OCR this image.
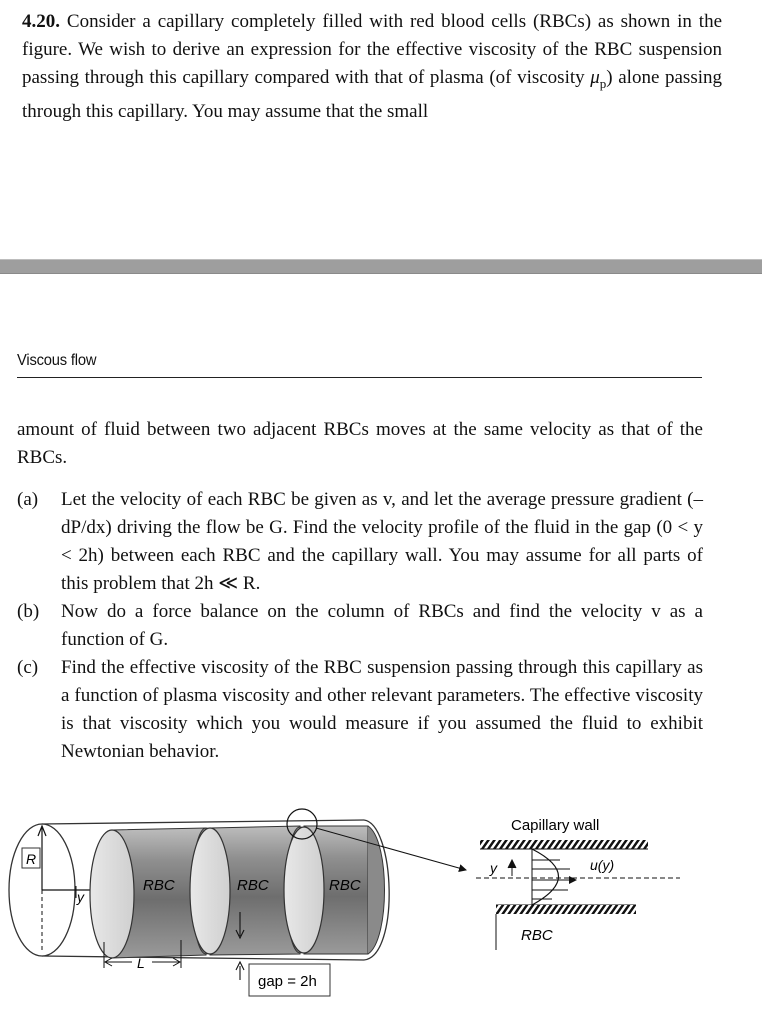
4.20. Consider a capillary completely filled with red blood cells (RBCs) as shown in the figure. We wish to derive an expression for the effective viscosity of the RBC suspension passing through this capillary compared with that of plasma (of viscosity $\mu_p$) alone passing through this capillary. You may assume that the small

Viscous flow

amount of fluid between two adjacent RBCs moves at the same velocity as that of the RBCs.

(a) Let the velocity of each RBC be given as v, and let the average pressure gradient (–dP/dx) driving the flow be G. Find the velocity profile of the fluid in the gap (0 < y < 2h) between each RBC and the capillary wall. You may assume for all parts of this problem that 2h ≪ R.
(b) Now do a force balance on the column of RBCs and find the velocity v as a function of G.
(c) Find the effective viscosity of the RBC suspension passing through this capillary as a function of plasma viscosity and other relevant parameters. The effective viscosity is that viscosity which you would measure if you assumed the fluid to exhibit Newtonian behavior.
R
y
RBC	RBC	RBC
gap = 2h
L
Capillary wall
y	u(y)
RBC
